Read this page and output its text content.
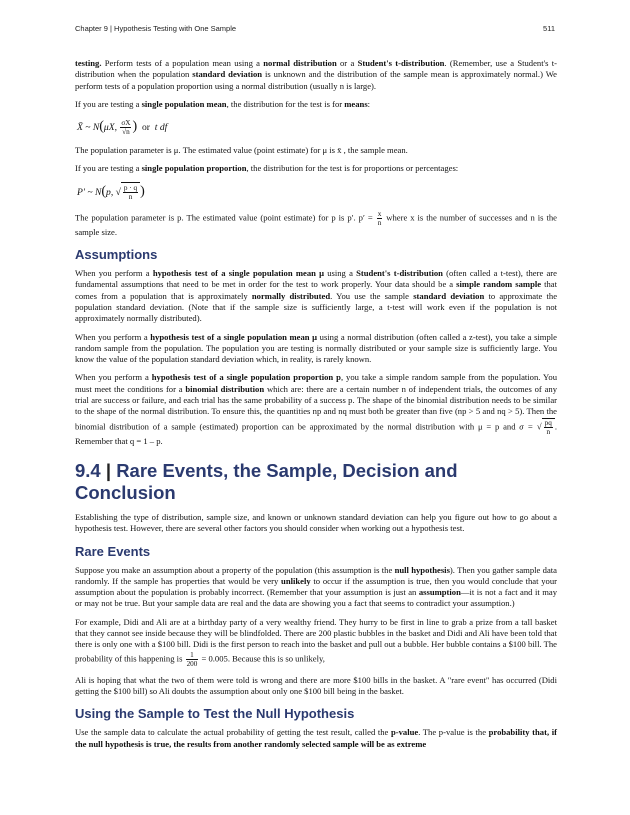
Chapter 9 | Hypothesis Testing with One Sample	511

testing. Perform tests of a population mean using a normal distribution or a Student's t-distribution. (Remember, use a Student's t-distribution when the population standard deviation is unknown and the distribution of the sample mean is approximately normal.) We perform tests of a population proportion using a normal distribution (usually n is large).

If you are testing a single population mean, the distribution for the test is for means:

X̄ ~ N(μX, $\frac{\sigma X}{√n}$ ) or t df

The population parameter is μ. The estimated value (point estimate) for μ is x̄ , the sample mean.

If you are testing a single population proportion, the distribution for the test is for proportions or percentages:

P′ ~ N(p, √ $\frac{p \cdot q}{n}$ )

The population parameter is p. The estimated value (point estimate) for p is p′. $p' = \frac{x}{n}$ where x is the number of successes and n is the sample size.

Assumptions

When you perform a hypothesis test of a single population mean μ using a Student's t-distribution (often called a t-test), there are fundamental assumptions that need to be met in order for the test to work properly. Your data should be a simple random sample that comes from a population that is approximately normally distributed. You use the sample standard deviation to approximate the population standard deviation. (Note that if the sample size is sufficiently large, a t-test will work even if the population is not approximately normally distributed).

When you perform a hypothesis test of a single population mean μ using a normal distribution (often called a z-test), you take a simple random sample from the population. The population you are testing is normally distributed or your sample size is sufficiently large. You know the value of the population standard deviation which, in reality, is rarely known.

When you perform a hypothesis test of a single population proportion p, you take a simple random sample from the population. You must meet the conditions for a binomial distribution which are: there are a certain number n of independent trials, the outcomes of any trial are success or failure, and each trial has the same probability of a success p. The shape of the binomial distribution needs to be similar to the shape of the normal distribution. To ensure this, the quantities np and nq must both be greater than five (np > 5 and nq > 5). Then the binomial distribution of a sample (estimated) proportion can be approximated by the normal distribution with μ = p and σ = √ $\frac{pq}{n}$ . Remember that q = 1 – p.

9.4 | Rare Events, the Sample, Decision and Conclusion

Establishing the type of distribution, sample size, and known or unknown standard deviation can help you figure out how to go about a hypothesis test. However, there are several other factors you should consider when working out a hypothesis test.

Rare Events

Suppose you make an assumption about a property of the population (this assumption is the null hypothesis). Then you gather sample data randomly. If the sample has properties that would be very unlikely to occur if the assumption is true, then you would conclude that your assumption about the population is probably incorrect. (Remember that your assumption is just an assumption—it is not a fact and it may or may not be true. But your sample data are real and the data are showing you a fact that seems to contradict your assumption.)

For example, Didi and Ali are at a birthday party of a very wealthy friend. They hurry to be first in line to grab a prize from a tall basket that they cannot see inside because they will be blindfolded. There are 200 plastic bubbles in the basket and Didi and Ali have been told that there is only one with a $100 bill. Didi is the first person to reach into the basket and pull out a bubble. Her bubble contains a $100 bill. The probability of this happening is $\frac{1}{200} = 0.005$. Because this is so unlikely,

Ali is hoping that what the two of them were told is wrong and there are more $100 bills in the basket. A "rare event" has occurred (Didi getting the $100 bill) so Ali doubts the assumption about only one $100 bill being in the basket.

Using the Sample to Test the Null Hypothesis

Use the sample data to calculate the actual probability of getting the test result, called the p-value. The p-value is the probability that, if the null hypothesis is true, the results from another randomly selected sample will be as extreme
